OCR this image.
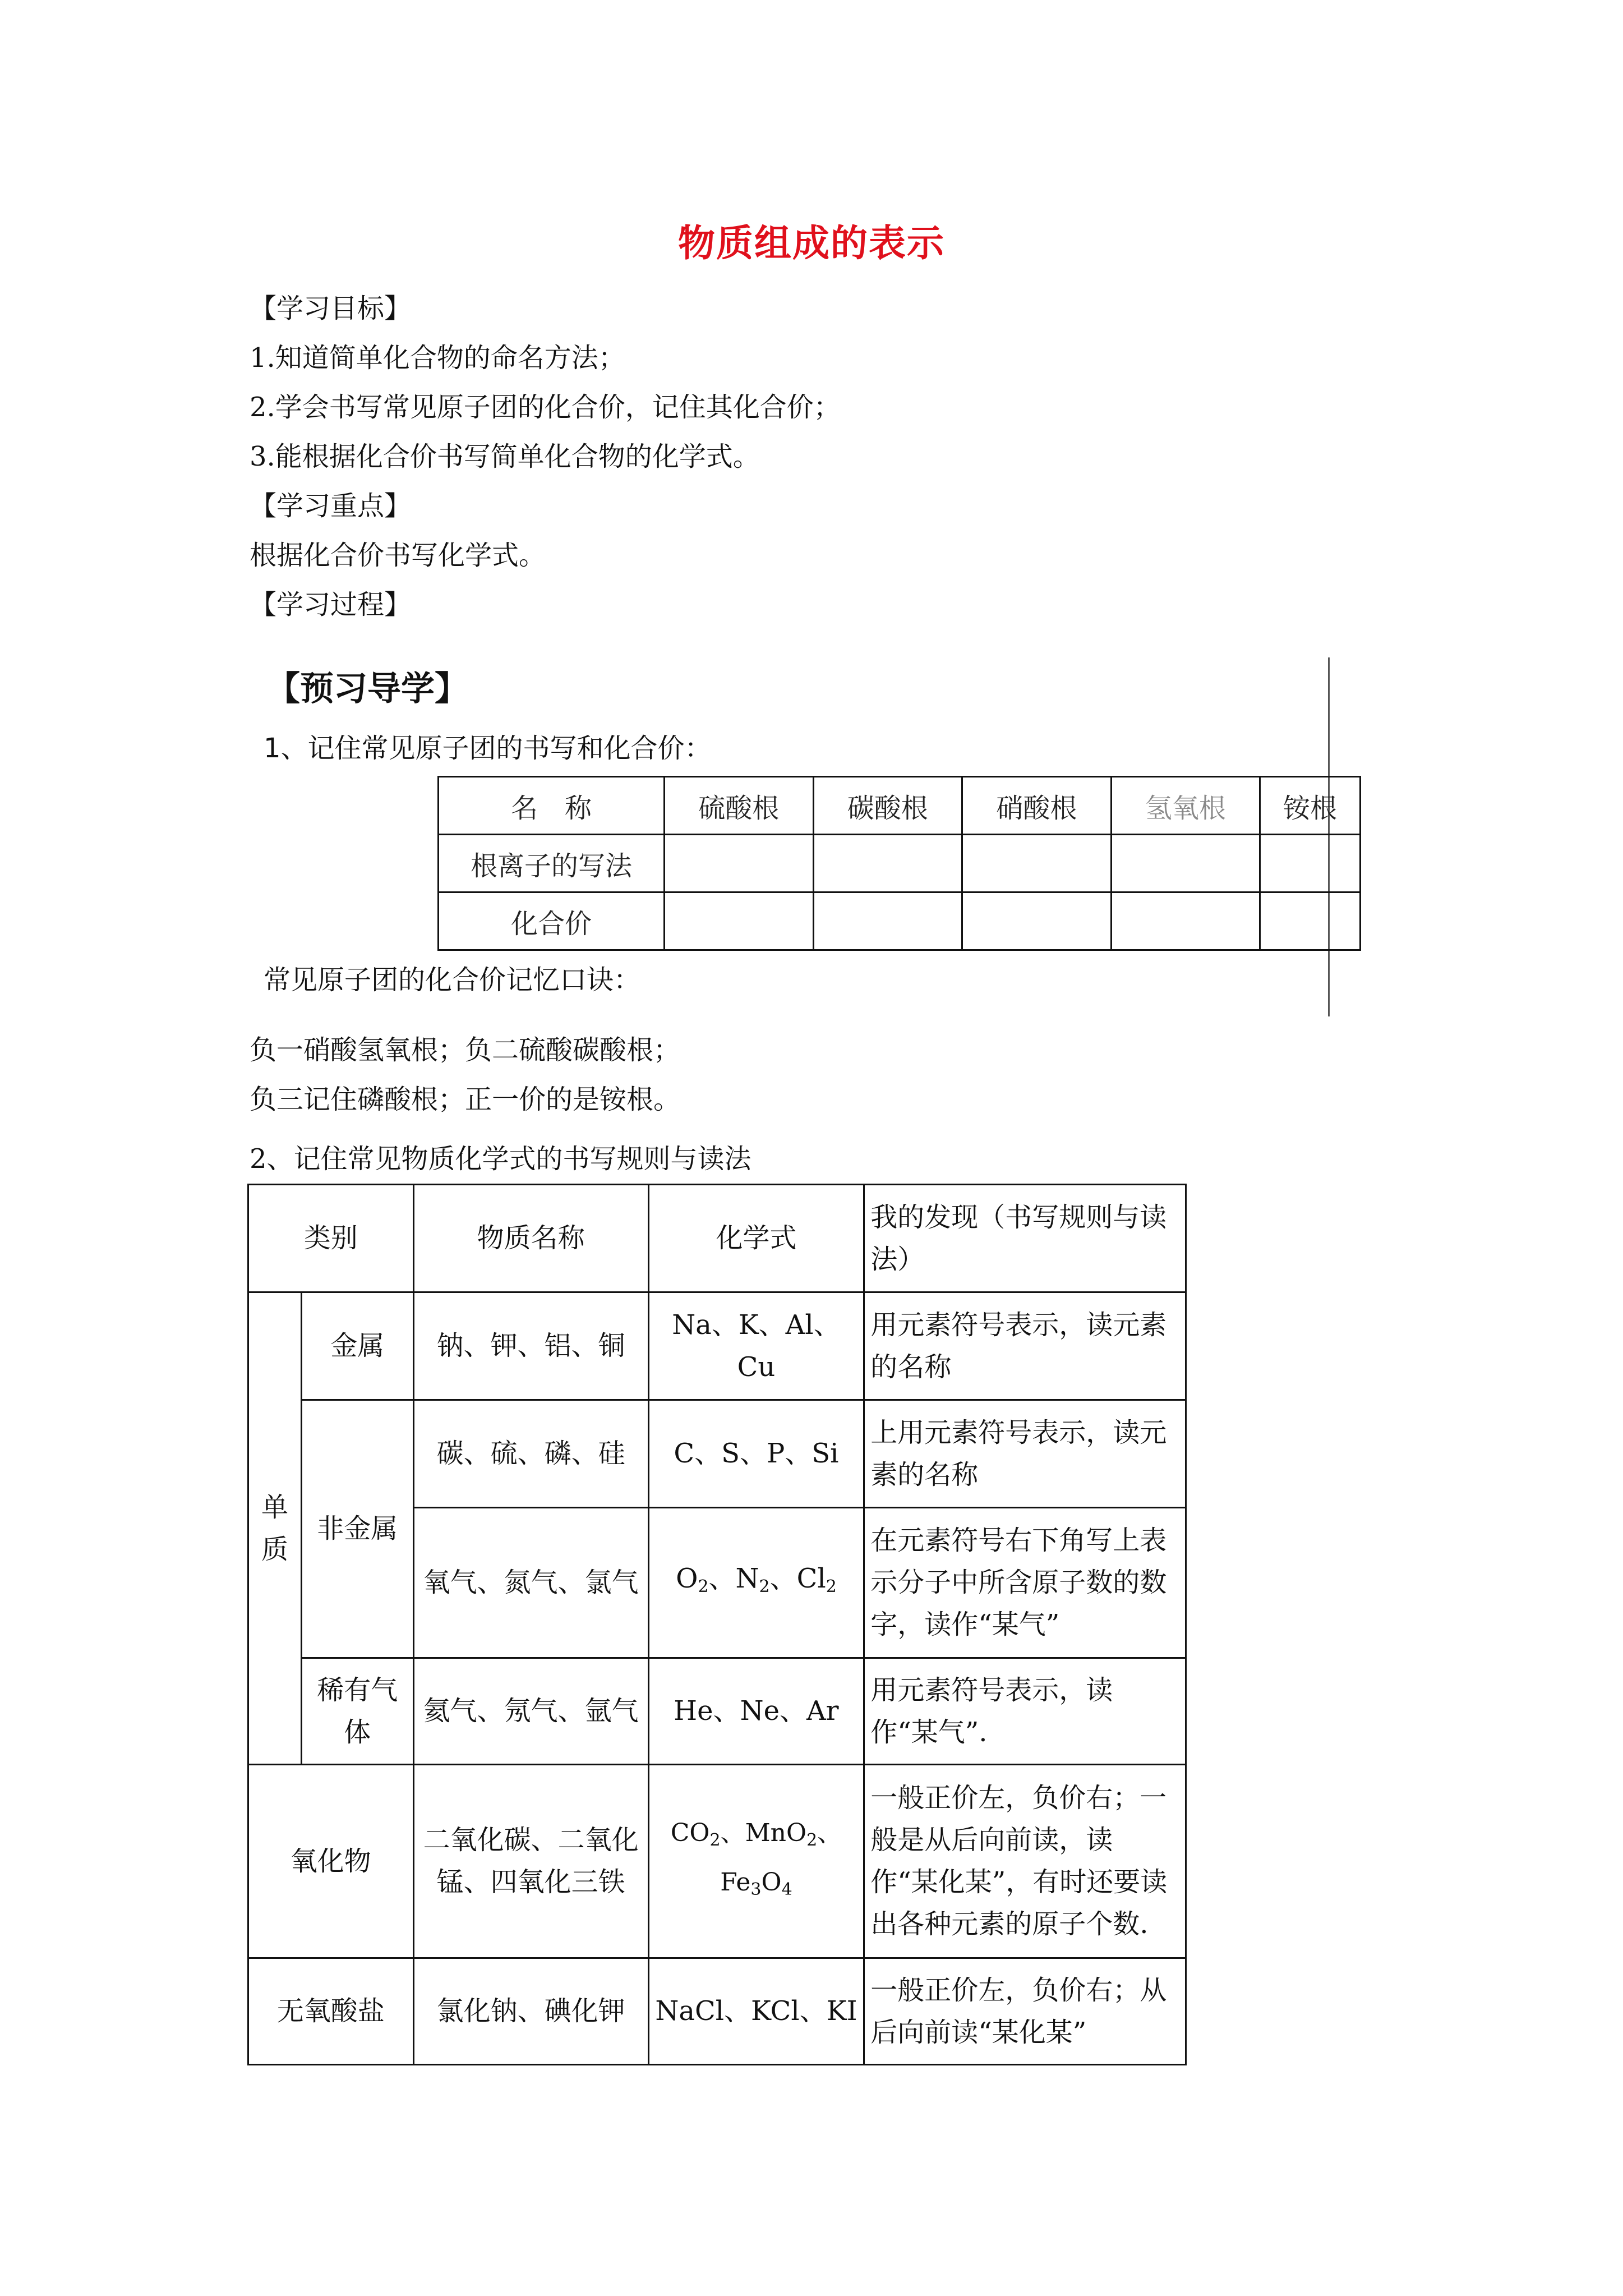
物质组成的表示
【学习目标】
1.知道简单化合物的命名方法；
2.学会书写常见原子团的化合价，记住其化合价；
3.能根据化合价书写简单化合物的化学式。
【学习重点】
根据化合价书写化学式。
【学习过程】
【预习导学】
1、记住常见原子团的书写和化合价：
名　称	硫酸根	碳酸根	硝酸根	氢氧根	铵根
根离子的写法					
化合价					
常见原子团的化合价记忆口诀：
负一硝酸氢氧根；负二硫酸碳酸根；
负三记住磷酸根；正一价的是铵根。
2、记住常见物质化学式的书写规则与读法
类别		物质名称	化学式	我的发现（书写规则与读法）
单质	金属	钠、钾、铝、铜	Na、K、Al、Cu	用元素符号表示，读元素的名称
	非金属	碳、硫、磷、硅	C、S、P、Si	上用元素符号表示，读元素的名称
		氧气、氮气、氯气	$O_2$、$N_2$、$Cl_2$	在元素符号右下角写上表示分子中所含原子数的数字，读作“某气”
	稀有气体	氦气、氖气、氩气	He、Ne、Ar	用元素符号表示，读作“某气”.
氧化物		二氧化碳、二氧化锰、四氧化三铁	$CO_2$、MnO$_2$、$Fe_3O_4$	一般正价左，负价右；一般是从后向前读，读作“某化某”，有时还要读出各种元素的原子个数.
无氧酸盐		氯化钠、碘化钾	NaCl、KCl、KI	一般正价左，负价右；从后向前读“某化某”
